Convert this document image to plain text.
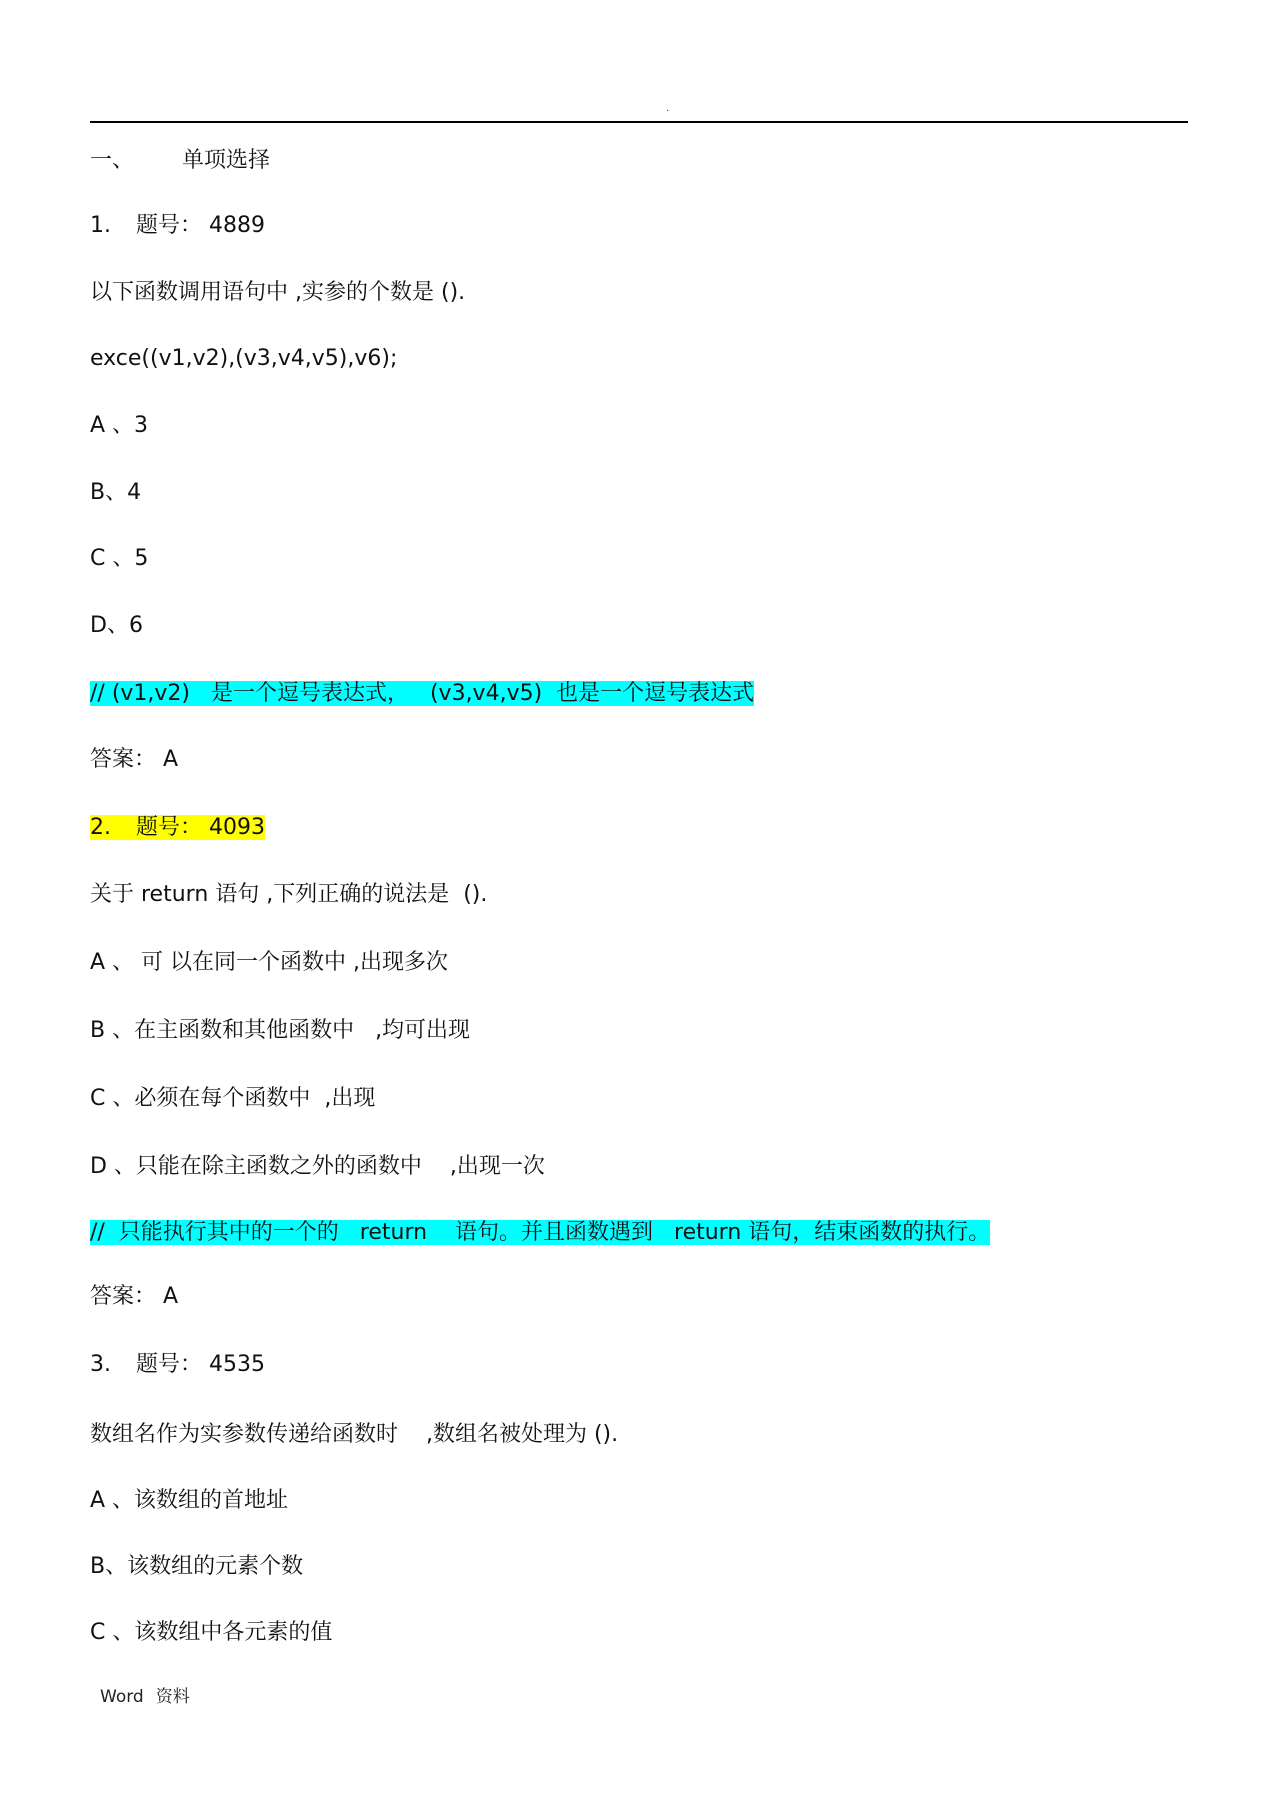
.
一、 单项选择
1. 题号： 4889
以下函数调用语句中 ,实参的个数是 ().
exce((v1,v2),(v3,v4,v5),v6);
A 、3
B、4
C 、5
D、6
// (v1,v2)   是一个逗号表达式，   (v3,v4,v5)  也是一个逗号表达式
答案： A
2. 题号： 4093
关于 return 语句 ,下列正确的说法是  ().
A 、 可 以在同一个函数中 ,出现多次
B 、在主函数和其他函数中   ,均可出现
C 、必须在每个函数中  ,出现
D 、只能在除主函数之外的函数中    ,出现一次
//  只能执行其中的一个的   return    语句。并且函数遇到   return 语句，结束函数的执行。
答案： A
3. 题号： 4535
数组名作为实参数传递给函数时    ,数组名被处理为 ().
A 、该数组的首地址
B、该数组的元素个数
C 、该数组中各元素的值
Word 资料
